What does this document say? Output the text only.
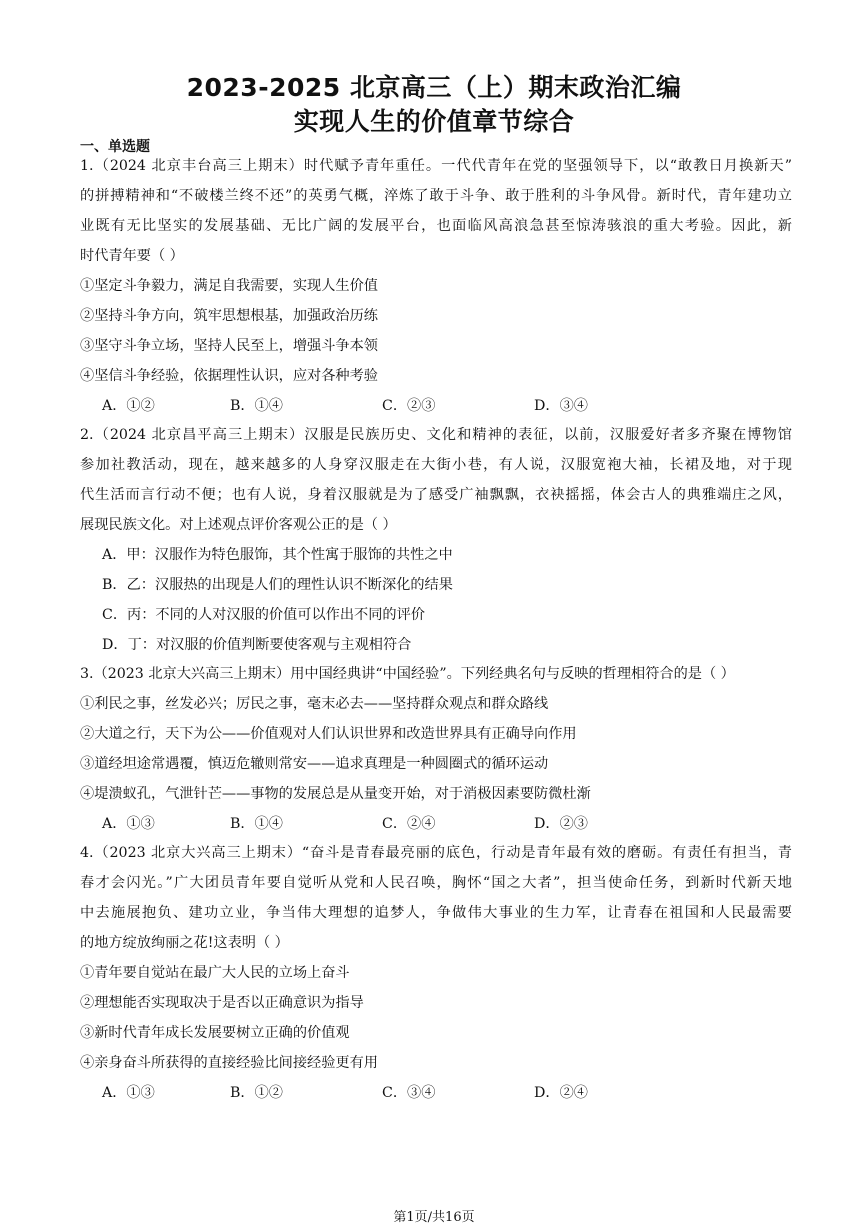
2023-2025 北京高三（上）期末政治汇编
实现人生的价值章节综合
一、单选题
1.（2024 北京丰台高三上期末）时代赋予青年重任。一代代青年在党的坚强领导下，以“敢教日月换新天”
的拼搏精神和“不破楼兰终不还”的英勇气概，淬炼了敢于斗争、敢于胜利的斗争风骨。新时代，青年建功立
业既有无比坚实的发展基础、无比广阔的发展平台，也面临风高浪急甚至惊涛骇浪的重大考验。因此，新
时代青年要（ ）
①坚定斗争毅力，满足自我需要，实现人生价值
②坚持斗争方向，筑牢思想根基，加强政治历练
③坚守斗争立场，坚持人民至上，增强斗争本领
④坚信斗争经验，依据理性认识，应对各种考验
A．①②	B．①④	C．②③	D．③④
2.（2024 北京昌平高三上期末）汉服是民族历史、文化和精神的表征，以前，汉服爱好者多齐聚在博物馆
参加社教活动，现在，越来越多的人身穿汉服走在大街小巷，有人说，汉服宽袍大袖，长裙及地，对于现
代生活而言行动不便；也有人说，身着汉服就是为了感受广袖飘飘，衣袂摇摇，体会古人的典雅端庄之风，
展现民族文化。对上述观点评价客观公正的是（ ）
A．甲：汉服作为特色服饰，其个性寓于服饰的共性之中
B．乙：汉服热的出现是人们的理性认识不断深化的结果
C．丙：不同的人对汉服的价值可以作出不同的评价
D．丁：对汉服的价值判断要使客观与主观相符合
3.（2023 北京大兴高三上期末）用中国经典讲“中国经验”。下列经典名句与反映的哲理相符合的是（ ）
①利民之事，丝发必兴；厉民之事，毫末必去——坚持群众观点和群众路线
②大道之行，天下为公——价值观对人们认识世界和改造世界具有正确导向作用
③道经坦途常遇覆，慎迈危辙则常安——追求真理是一种圆圈式的循环运动
④堤溃蚁孔，气泄针芒——事物的发展总是从量变开始，对于消极因素要防微杜渐
A．①③	B．①④	C．②④	D．②③
4.（2023 北京大兴高三上期末）“奋斗是青春最亮丽的底色，行动是青年最有效的磨砺。有责任有担当，青
春才会闪光。”广大团员青年要自觉听从党和人民召唤，胸怀“国之大者”，担当使命任务，到新时代新天地
中去施展抱负、建功立业，争当伟大理想的追梦人，争做伟大事业的生力军，让青春在祖国和人民最需要
的地方绽放绚丽之花!这表明（ ）
①青年要自觉站在最广大人民的立场上奋斗
②理想能否实现取决于是否以正确意识为指导
③新时代青年成长发展要树立正确的价值观
④亲身奋斗所获得的直接经验比间接经验更有用
A．①③	B．①②	C．③④	D．②④
第1页/共16页
